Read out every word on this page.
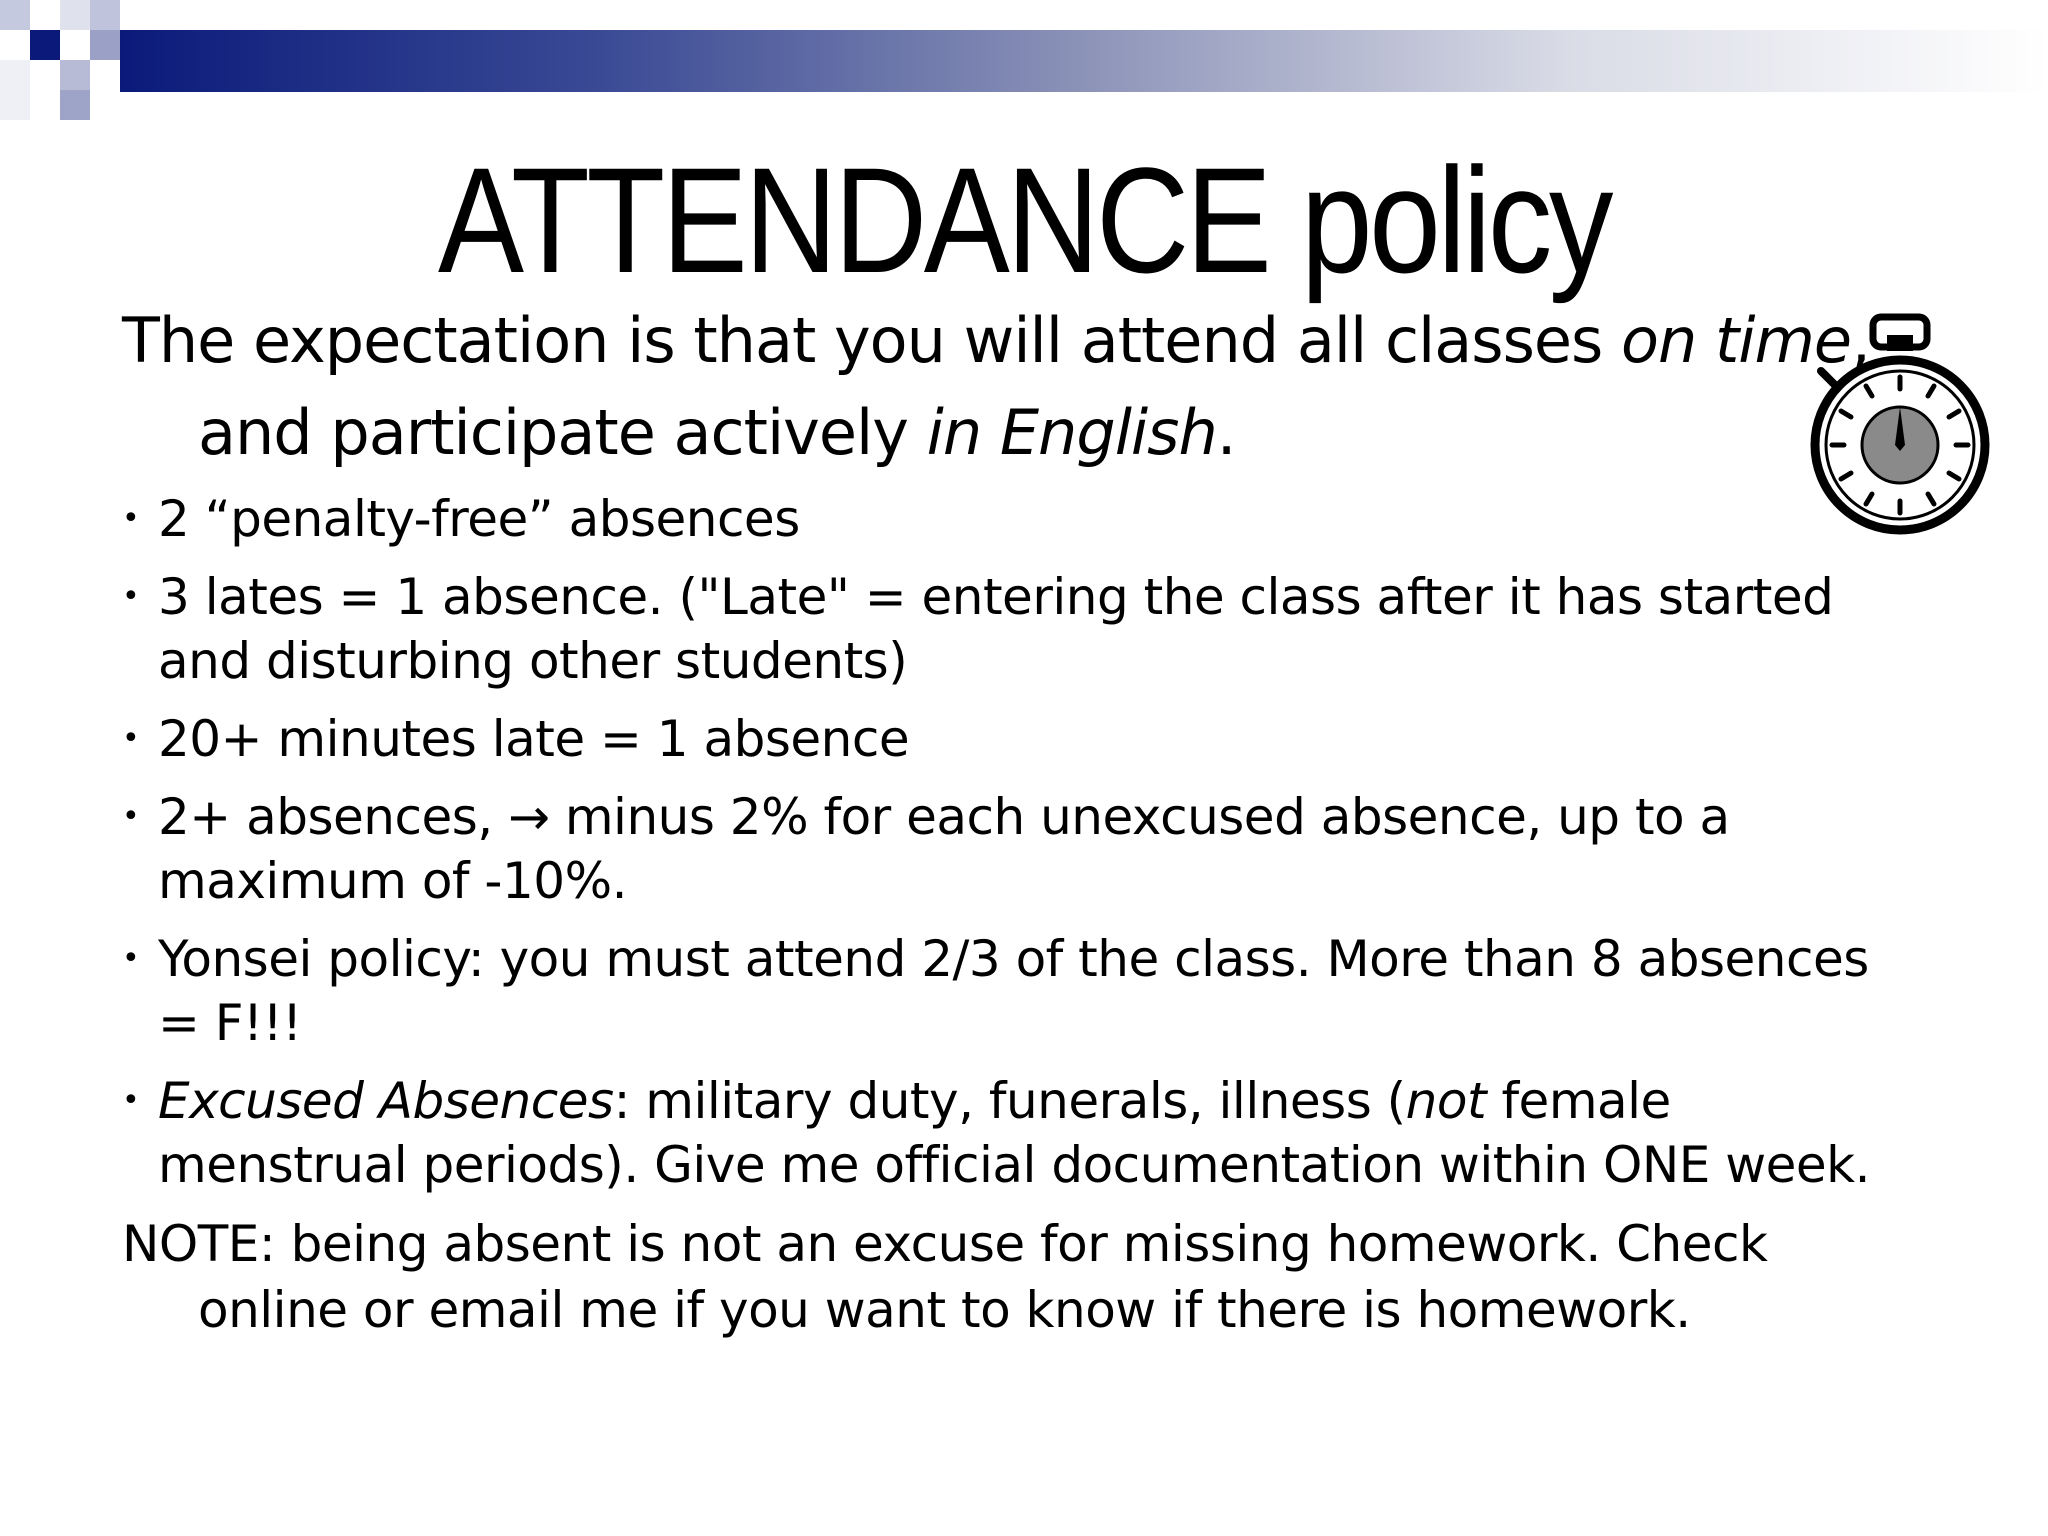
ATTENDANCE policy

The expectation is that you will attend all classes on time, and participate actively in English.

• 2 “penalty-free” absences
• 3 lates = 1 absence. ("Late" = entering the class after it has started and disturbing other students)
• 20+ minutes late = 1 absence
• 2+ absences, → minus 2% for each unexcused absence, up to a maximum of -10%.
• Yonsei policy: you must attend 2/3 of the class. More than 8 absences = F!!!
• Excused Absences: military duty, funerals, illness (not female menstrual periods). Give me official documentation within ONE week.

NOTE: being absent is not an excuse for missing homework. Check online or email me if you want to know if there is homework.
